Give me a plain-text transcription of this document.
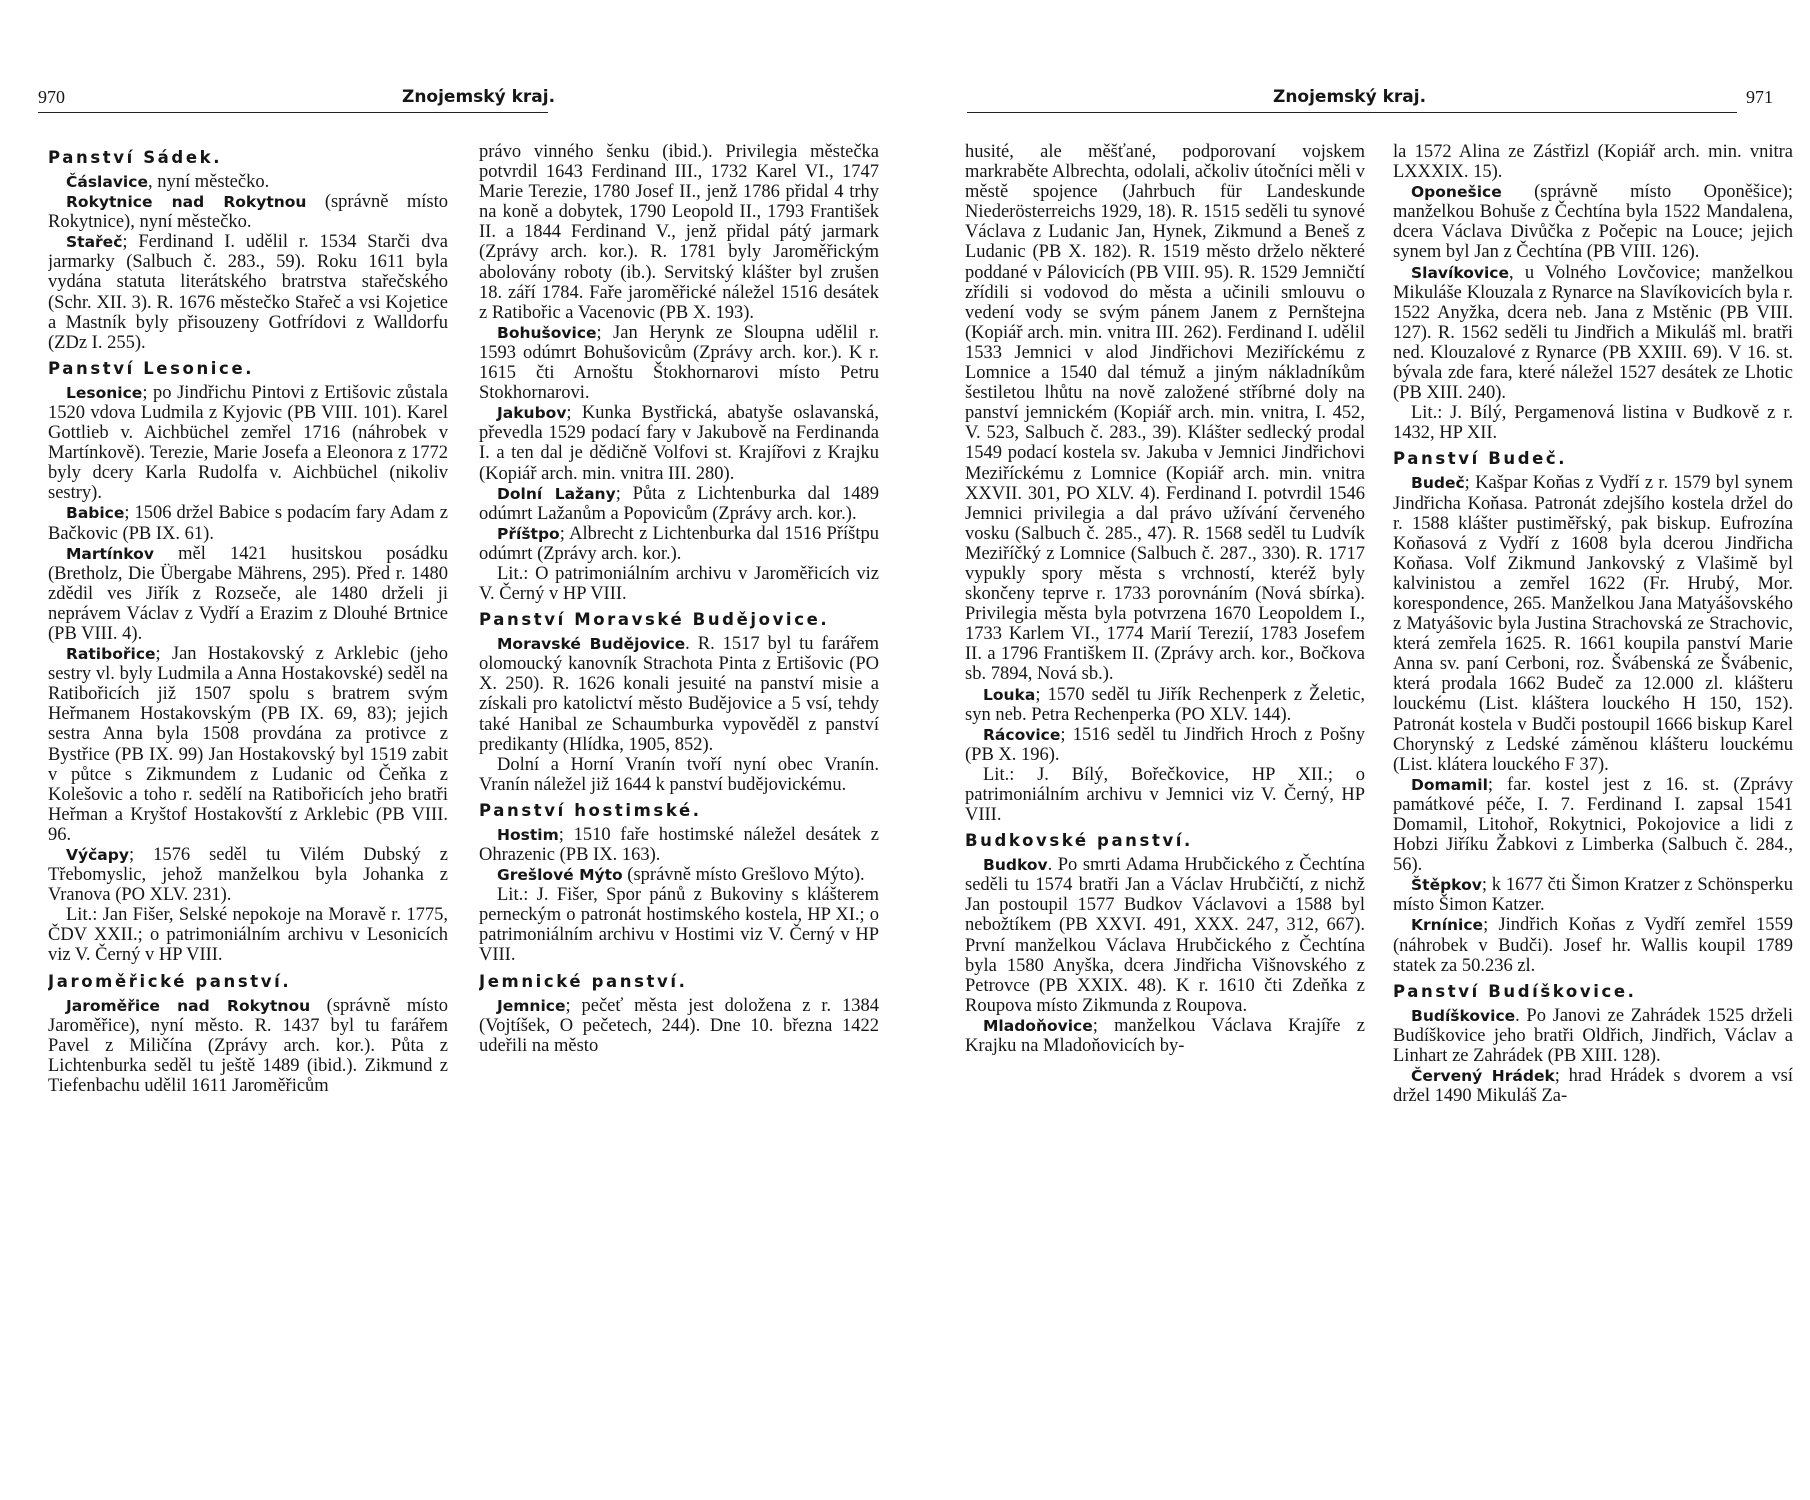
970	Znojemský kraj.
Panství Sádek.

Čáslavice, nyní městečko.

Rokytnice nad Rokytnou (správně místo Rokytnice), nyní městečko.

Stařeč; Ferdinand I. udělil r. 1534 Starči dva jarmarky (Salbuch č. 283., 59). Roku 1611 byla vydána statuta literátského bratrstva stařečského (Schr. XII. 3). R. 1676 městečko Stařeč a vsi Kojetice a Mastník byly přisouzeny Gotfrídovi z Walldorfu (ZDz I. 255).

Panství Lesonice.

Lesonice; po Jindřichu Pintovi z Ertišovic zůstala 1520 vdova Ludmila z Kyjovic (PB VIII. 101). Karel Gottlieb v. Aichbüchel zemřel 1716 (náhrobek v Martínkově). Terezie, Marie Josefa a Eleonora z 1772 byly dcery Karla Rudolfa v. Aichbüchel (nikoliv sestry).

Babice; 1506 držel Babice s podacím fary Adam z Bačkovic (PB IX. 61).

Martínkov měl 1421 husitskou posádku (Bretholz, Die Übergabe Mährens, 295). Před r. 1480 zdědil ves Jiřík z Rozseče, ale 1480 drželi ji neprávem Václav z Vydří a Erazim z Dlouhé Brtnice (PB VIII. 4).

Ratibořice; Jan Hostakovský z Arklebic (jeho sestry vl. byly Ludmila a Anna Hostakovské) seděl na Ratibořicích již 1507 spolu s bratrem svým Heřmanem Hostakovským (PB IX. 69, 83); jejich sestra Anna byla 1508 provdána za protivce z Bystřice (PB IX. 99) Jan Hostakovský byl 1519 zabit v půtce s Zikmundem z Ludanic od Čeňka z Kolešovic a toho r. sedělí na Ratibořicích jeho bratři Heřman a Kryštof Hostakovští z Arklebic (PB VIII. 96.

Výčapy; 1576 seděl tu Vilém Dubský z Třebomyslic, jehož manželkou byla Johanka z Vranova (PO XLV. 231).

Lit.: Jan Fišer, Selské nepokoje na Moravě r. 1775, ČDV XXII.; o patrimoniálním archivu v Lesonicích viz V. Černý v HP VIII.

Jaroměřické panství.

Jaroměřice nad Rokytnou (správně místo Jaroměřice), nyní město. R. 1437 byl tu farářem Pavel z Miličína (Zprávy arch. kor.). Půta z Lichtenburka seděl tu ještě 1489 (ibid.). Zikmund z Tiefenbachu udělil 1611 Jaroměřicům

právo vinného šenku (ibid.). Privilegia městečka potvrdil 1643 Ferdinand III., 1732 Karel VI., 1747 Marie Terezie, 1780 Josef II., jenž 1786 přidal 4 trhy na koně a dobytek, 1790 Leopold II., 1793 František II. a 1844 Ferdinand V., jenž přidal pátý jarmark (Zprávy arch. kor.). R. 1781 byly Jaroměřickým abolovány roboty (ib.). Servitský klášter byl zrušen 18. září 1784. Faře jaroměřické náležel 1516 desátek z Ratibořic a Vacenovic (PB X. 193).

Bohušovice; Jan Herynk ze Sloupna udělil r. 1593 odúmrt Bohušovicům (Zprávy arch. kor.). K r. 1615 čti Arnoštu Štokhornarovi místo Petru Stokhornarovi.

Jakubov; Kunka Bystřická, abatyše oslavanská, převedla 1529 podací fary v Jakubově na Ferdinanda I. a ten dal je dědičně Volfovi st. Krajířovi z Krajku (Kopiář arch. min. vnitra III. 280).

Dolní Lažany; Půta z Lichtenburka dal 1489 odúmrt Lažanům a Popovicům (Zprávy arch. kor.).

Příštpo; Albrecht z Lichtenburka dal 1516 Příštpu odúmrt (Zprávy arch. kor.).

Lit.: O patrimoniálním archivu v Jaroměřicích viz V. Černý v HP VIII.

Panství Moravské Budějovice.

Moravské Budějovice. R. 1517 byl tu farářem olomoucký kanovník Strachota Pinta z Ertišovic (PO X. 250). R. 1626 konali jesuité na panství misie a získali pro katolictví město Budějovice a 5 vsí, tehdy také Hanibal ze Schaumburka vypověděl z panství predikanty (Hlídka, 1905, 852).

Dolní a Horní Vranín tvoří nyní obec Vranín. Vranín náležel již 1644 k panství budějovickému.

Panství hostimské.

Hostim; 1510 faře hostimské náležel desátek z Ohrazenic (PB IX. 163).

Grešlové Mýto (správně místo Grešlovo Mýto).

Lit.: J. Fišer, Spor pánů z Bukoviny s klášterem perneckým o patronát hostimského kostela, HP XI.; o patrimoniálním archivu v Hostimi viz V. Černý v HP VIII.

Jemnické panství.

Jemnice; pečeť města jest doložena z r. 1384 (Vojtíšek, O pečetech, 244). Dne 10. března 1422 udeřili na město

Znojemský kraj.	971

husité, ale měšťané, podporovaní vojskem markraběte Albrechta, odolali, ačkoliv útočníci měli v městě spojence (Jahrbuch für Landeskunde Niederösterreichs 1929, 18). R. 1515 seděli tu synové Václava z Ludanic Jan, Hynek, Zikmund a Beneš z Ludanic (PB X. 182). R. 1519 město drželo některé poddané v Pálovicích (PB VIII. 95). R. 1529 Jemničtí zřídili si vodovod do města a učinili smlouvu o vedení vody se svým pánem Janem z Pernštejna (Kopiář arch. min. vnitra III. 262). Ferdinand I. udělil 1533 Jemnici v alod Jindřichovi Meziříckému z Lomnice a 1540 dal témuž a jiným nákladníkům šestiletou lhůtu na nově založené stříbrné doly na panství jemnickém (Kopiář arch. min. vnitra, I. 452, V. 523, Salbuch č. 283., 39). Klášter sedlecký prodal 1549 podací kostela sv. Jakuba v Jemnici Jindřichovi Meziříckému z Lomnice (Kopiář arch. min. vnitra XXVII. 301, PO XLV. 4). Ferdinand I. potvrdil 1546 Jemnici privilegia a dal právo užívání červeného vosku (Salbuch č. 285., 47). R. 1568 seděl tu Ludvík Meziříčký z Lomnice (Salbuch č. 287., 330). R. 1717 vypukly spory města s vrchností, kteréž byly skončeny teprve r. 1733 porovnáním (Nová sbírka). Privilegia města byla potvrzena 1670 Leopoldem I., 1733 Karlem VI., 1774 Marií Terezií, 1783 Josefem II. a 1796 Františkem II. (Zprávy arch. kor., Bočkova sb. 7894, Nová sb.).

Louka; 1570 seděl tu Jiřík Rechenperk z Želetic, syn neb. Petra Rechenperka (PO XLV. 144).

Rácovice; 1516 seděl tu Jindřich Hroch z Pošny (PB X. 196).

Lit.: J. Bílý, Bořečkovice, HP XII.; o patrimoniálním archivu v Jemnici viz V. Černý, HP VIII.

Budkovské panství.

Budkov. Po smrti Adama Hrubčického z Čechtína seděli tu 1574 bratři Jan a Václav Hrubčičtí, z nichž Jan postoupil 1577 Budkov Václavovi a 1588 byl nebožtíkem (PB XXVI. 491, XXX. 247, 312, 667). První manželkou Václava Hrubčického z Čechtína byla 1580 Anyška, dcera Jindřicha Višnovského z Petrovce (PB XXIX. 48). K r. 1610 čti Zdeňka z Roupova místo Zikmunda z Roupova.

Mladoňovice; manželkou Václava Krajíře z Krajku na Mladoňovicích by-

la 1572 Alina ze Zástřizl (Kopiář arch. min. vnitra LXXXIX. 15).

Oponešice (správně místo Oponěšice); manželkou Bohuše z Čechtína byla 1522 Mandalena, dcera Václava Divůčka z Počepic na Louce; jejich synem byl Jan z Čechtína (PB VIII. 126).

Slavíkovice, u Volného Lovčovice; manželkou Mikuláše Klouzala z Rynarce na Slavíkovicích byla r. 1522 Anyžka, dcera neb. Jana z Mstěnic (PB VIII. 127). R. 1562 seděli tu Jindřich a Mikuláš ml. bratři ned. Klouzalové z Rynarce (PB XXIII. 69). V 16. st. bývala zde fara, které náležel 1527 desátek ze Lhotic (PB XIII. 240).

Lit.: J. Bílý, Pergamenová listina v Budkově z r. 1432, HP XII.

Panství Budeč.

Budeč; Kašpar Koňas z Vydří z r. 1579 byl synem Jindřicha Koňasa. Patronát zdejšího kostela držel do r. 1588 klášter pustiměřský, pak biskup. Eufrozína Koňasová z Vydří z 1608 byla dcerou Jindřicha Koňasa. Volf Zikmund Jankovský z Vlašimě byl kalvinistou a zemřel 1622 (Fr. Hrubý, Mor. korespondence, 265. Manželkou Jana Matyášovského z Matyášovic byla Justina Strachovská ze Strachovic, která zemřela 1625. R. 1661 koupila panství Marie Anna sv. paní Cerboni, roz. Švábenská ze Švábenic, která prodala 1662 Budeč za 12.000 zl. klášteru louckému (List. kláštera louckého H 150, 152). Patronát kostela v Budči postoupil 1666 biskup Karel Chorynský z Ledské záměnou klášteru louckému (List. klátera louckého F 37).

Domamil; far. kostel jest z 16. st. (Zprávy památkové péče, I. 7. Ferdinand I. zapsal 1541 Domamil, Litohoř, Rokytnici, Pokojovice a lidi z Hobzi Jiříku Žabkovi z Limberka (Salbuch č. 284., 56).

Štěpkov; k 1677 čti Šimon Kratzer z Schönsperku místo Šimon Katzer.

Krnínice; Jindřich Koňas z Vydří zemřel 1559 (náhrobek v Budči). Josef hr. Wallis koupil 1789 statek za 50.236 zl.

Panství Budíškovice.

Budíškovice. Po Janovi ze Zahrádek 1525 drželi Budíškovice jeho bratři Oldřich, Jindřich, Václav a Linhart ze Zahrádek (PB XIII. 128).

Červený Hrádek; hrad Hrádek s dvorem a vsí držel 1490 Mikuláš Za-
